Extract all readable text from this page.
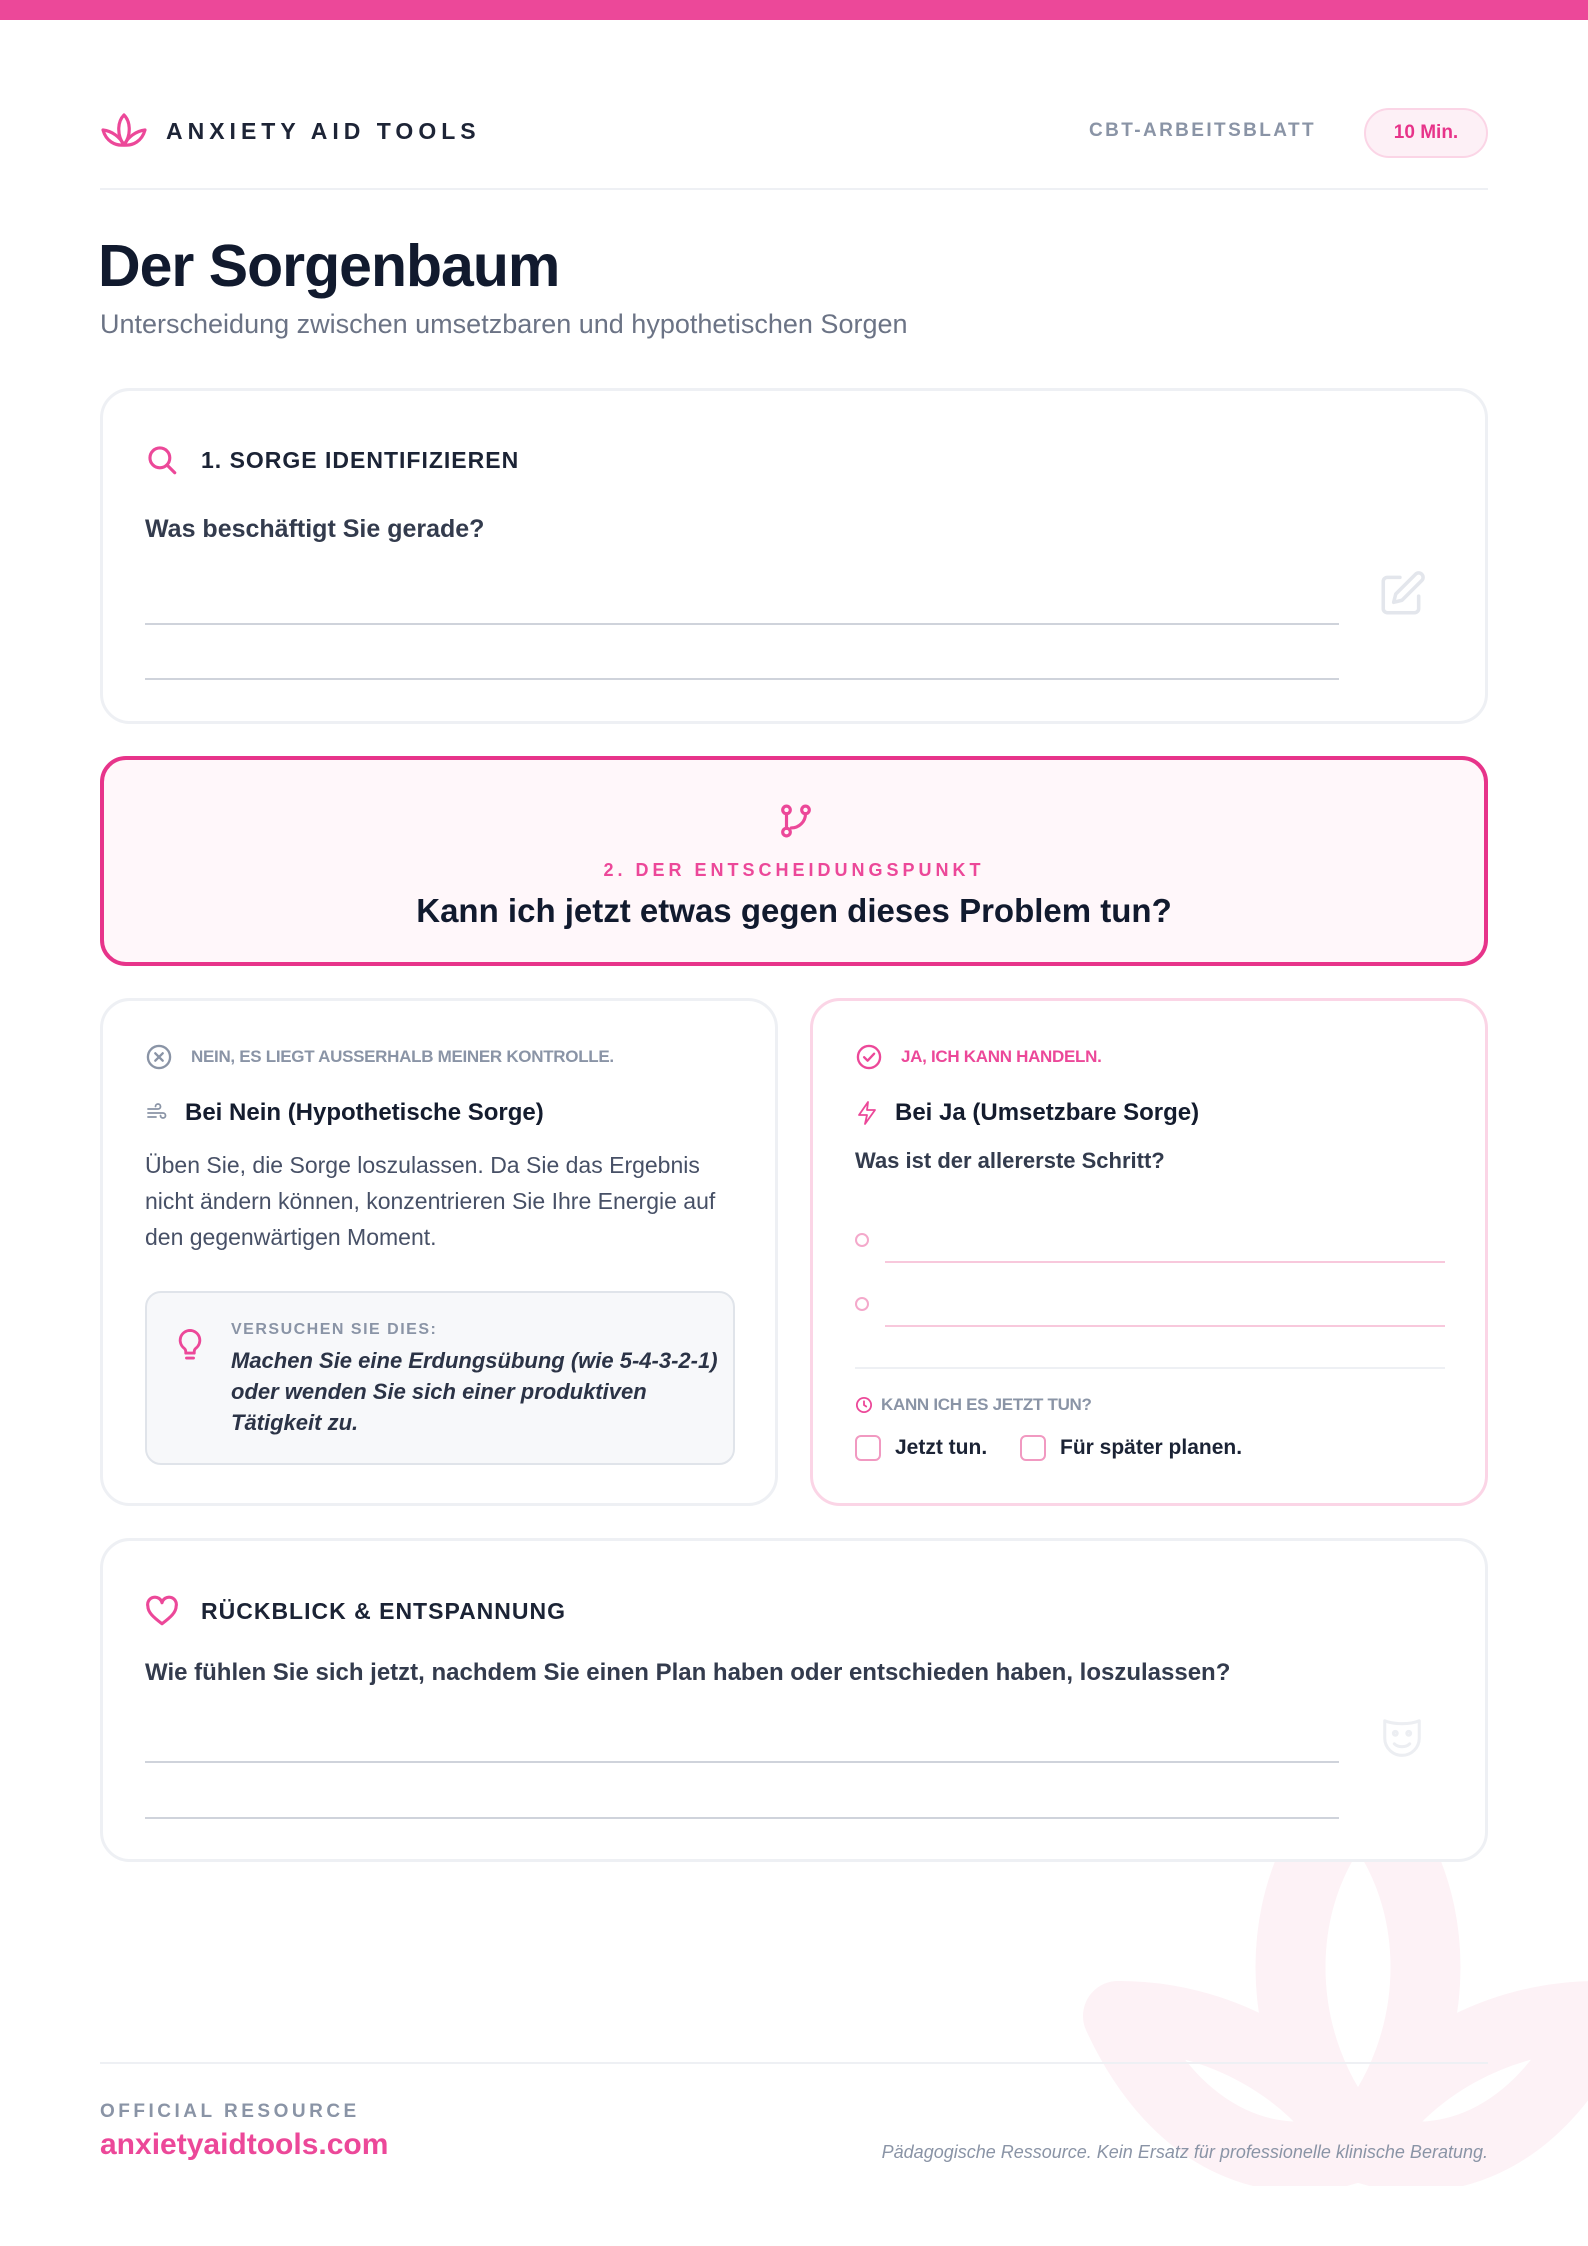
ANXIETY AID TOOLS	CBT-ARBEITSBLATT	10 Min.
Der Sorgenbaum
Unterscheidung zwischen umsetzbaren und hypothetischen Sorgen
1. SORGE IDENTIFIZIEREN
Was beschäftigt Sie gerade?
2. DER ENTSCHEIDUNGSPUNKT
Kann ich jetzt etwas gegen dieses Problem tun?
NEIN, ES LIEGT AUSSERHALB MEINER KONTROLLE.
Bei Nein (Hypothetische Sorge)
Üben Sie, die Sorge loszulassen. Da Sie das Ergebnis nicht ändern können, konzentrieren Sie Ihre Energie auf den gegenwärtigen Moment.
VERSUCHEN SIE DIES:
Machen Sie eine Erdungsübung (wie 5-4-3-2-1) oder wenden Sie sich einer produktiven Tätigkeit zu.
JA, ICH KANN HANDELN.
Bei Ja (Umsetzbare Sorge)
Was ist der allererste Schritt?
KANN ICH ES JETZT TUN?
Jetzt tun.	Für später planen.
RÜCKBLICK & ENTSPANNUNG
Wie fühlen Sie sich jetzt, nachdem Sie einen Plan haben oder entschieden haben, loszulassen?
OFFICIAL RESOURCE
anxietyaidtools.com	Pädagogische Ressource. Kein Ersatz für professionelle klinische Beratung.
